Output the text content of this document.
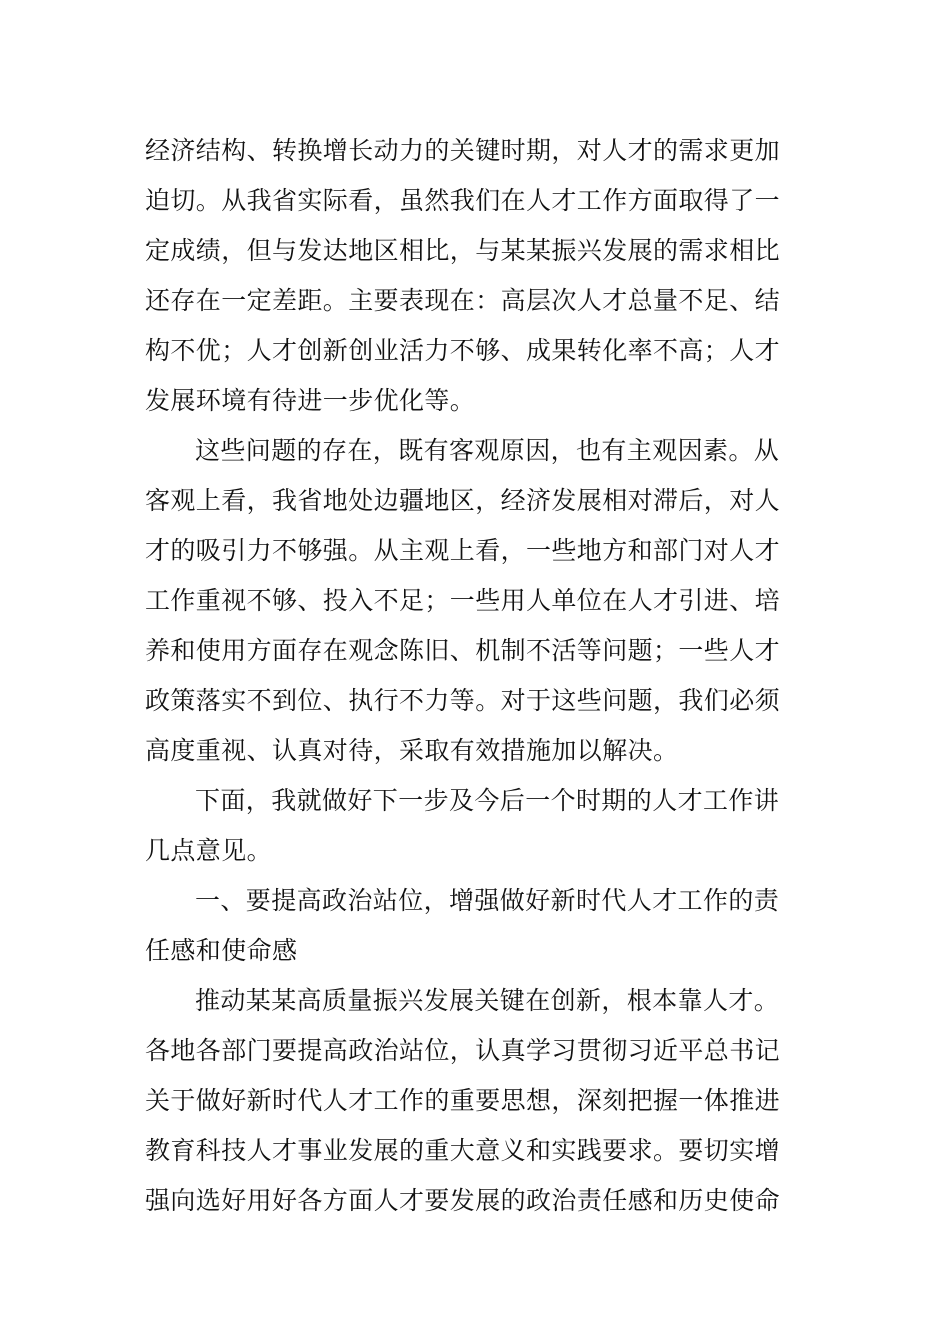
经济结构、转换增长动力的关键时期，对人才的需求更加
迫切。从我省实际看，虽然我们在人才工作方面取得了一
定成绩，但与发达地区相比，与某某振兴发展的需求相比
还存在一定差距。主要表现在：高层次人才总量不足、结
构不优；人才创新创业活力不够、成果转化率不高；人才
发展环境有待进一步优化等。
这些问题的存在，既有客观原因，也有主观因素。从
客观上看，我省地处边疆地区，经济发展相对滞后，对人
才的吸引力不够强。从主观上看，一些地方和部门对人才
工作重视不够、投入不足；一些用人单位在人才引进、培
养和使用方面存在观念陈旧、机制不活等问题；一些人才
政策落实不到位、执行不力等。对于这些问题，我们必须
高度重视、认真对待，采取有效措施加以解决。
下面，我就做好下一步及今后一个时期的人才工作讲
几点意见。
一、要提高政治站位，增强做好新时代人才工作的责
任感和使命感
推动某某高质量振兴发展关键在创新，根本靠人才。
各地各部门要提高政治站位，认真学习贯彻习近平总书记
关于做好新时代人才工作的重要思想，深刻把握一体推进
教育科技人才事业发展的重大意义和实践要求。要切实增
强向选好用好各方面人才要发展的政治责任感和历史使命
